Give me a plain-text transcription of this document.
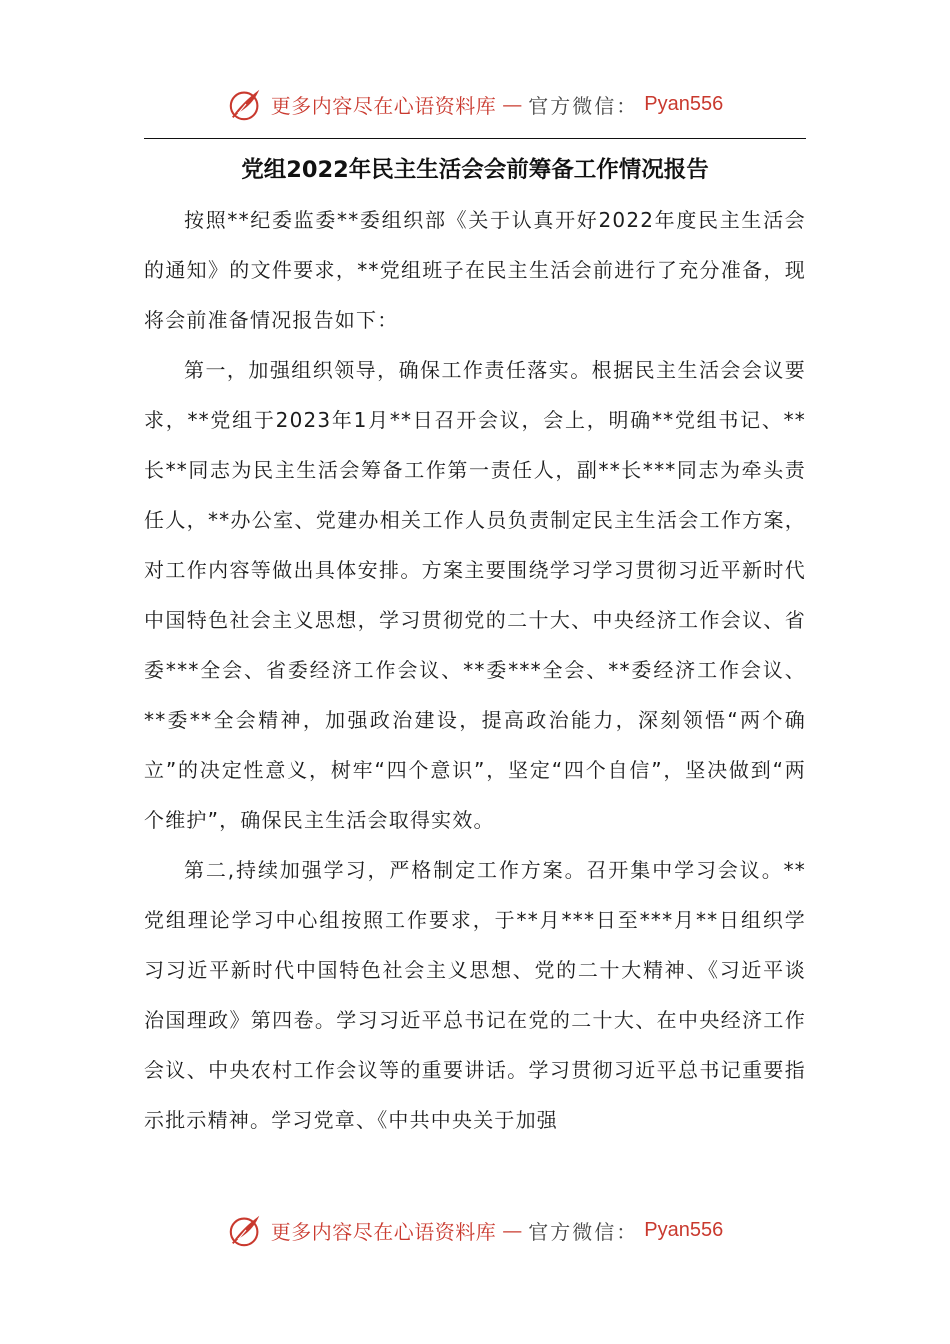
更多内容尽在心语资料库 — 官方微信： Pyan556
党组2022年民主生活会会前筹备工作情况报告

按照**纪委监委**委组织部《关于认真开好2022年度民主生活会的通知》的文件要求，**党组班子在民主生活会前进行了充分准备，现将会前准备情况报告如下：

第一，加强组织领导，确保工作责任落实。根据民主生活会会议要求，**党组于2023年1月**日召开会议，会上，明确**党组书记、**长**同志为民主生活会筹备工作第一责任人，副**长***同志为牵头责任人，**办公室、党建办相关工作人员负责制定民主生活会工作方案，对工作内容等做出具体安排。方案主要围绕学习学习贯彻习近平新时代中国特色社会主义思想，学习贯彻党的二十大、中央经济工作会议、省委***全会、省委经济工作会议、**委***全会、**委经济工作会议、**委**全会精神，加强政治建设，提高政治能力，深刻领悟“两个确立”的决定性意义，树牢“四个意识”，坚定“四个自信”，坚决做到“两个维护”，确保民主生活会取得实效。

第二,持续加强学习，严格制定工作方案。召开集中学习会议。**党组理论学习中心组按照工作要求，于**月***日至***月**日组织学习习近平新时代中国特色社会主义思想、党的二十大精神、《习近平谈治国理政》第四卷。学习习近平总书记在党的二十大、在中央经济工作会议、中央农村工作会议等的重要讲话。学习贯彻习近平总书记重要指示批示精神。学习党章、《中共中央关于加强

更多内容尽在心语资料库 — 官方微信： Pyan556
